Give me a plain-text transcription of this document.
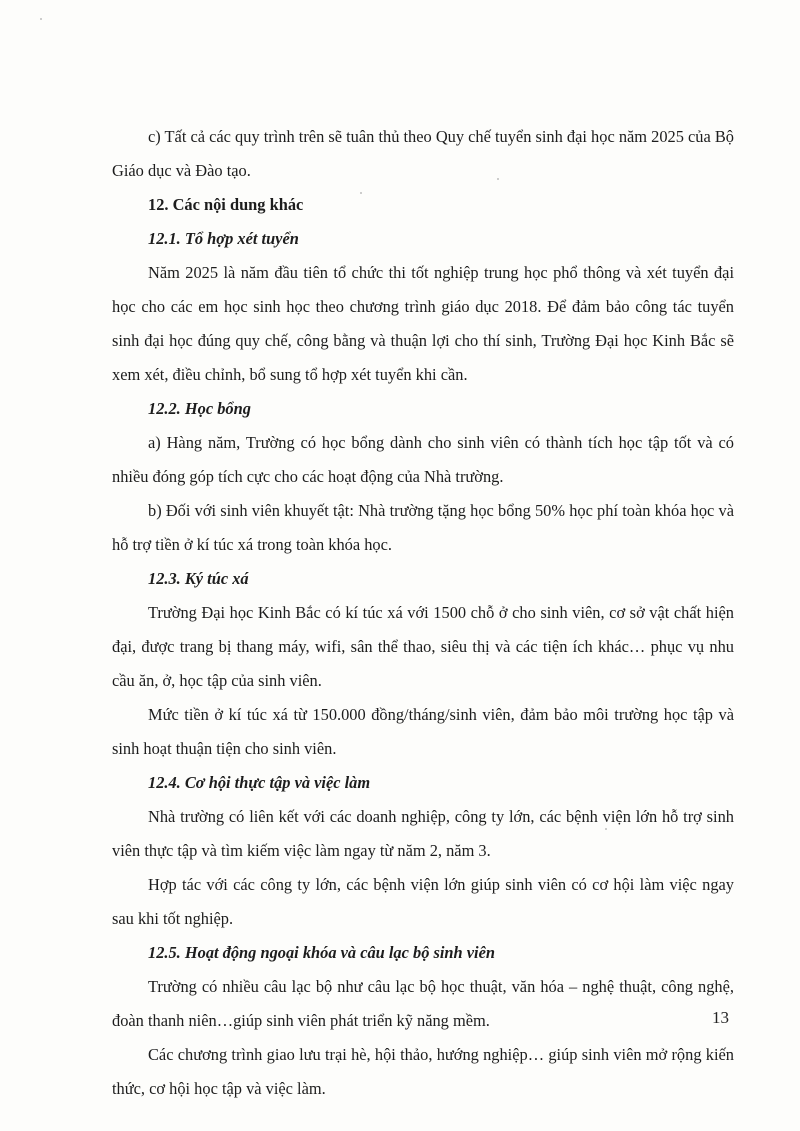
c) Tất cả các quy trình trên sẽ tuân thủ theo Quy chế tuyển sinh đại học năm 2025 của Bộ Giáo dục và Đào tạo.

12. Các nội dung khác

12.1. Tổ hợp xét tuyển

Năm 2025 là năm đầu tiên tổ chức thi tốt nghiệp trung học phổ thông và xét tuyển đại học cho các em học sinh học theo chương trình giáo dục 2018. Để đảm bảo công tác tuyển sinh đại học đúng quy chế, công bằng và thuận lợi cho thí sinh, Trường Đại học Kinh Bắc sẽ xem xét, điều chỉnh, bổ sung tổ hợp xét tuyển khi cần.

12.2. Học bổng

a) Hàng năm, Trường có học bổng dành cho sinh viên có thành tích học tập tốt và có nhiều đóng góp tích cực cho các hoạt động của Nhà trường.

b) Đối với sinh viên khuyết tật: Nhà trường tặng học bổng 50% học phí toàn khóa học và hỗ trợ tiền ở kí túc xá trong toàn khóa học.

12.3. Ký túc xá

Trường Đại học Kinh Bắc có kí túc xá với 1500 chỗ ở cho sinh viên, cơ sở vật chất hiện đại, được trang bị thang máy, wifi, sân thể thao, siêu thị và các tiện ích khác… phục vụ nhu cầu ăn, ở, học tập của sinh viên.

Mức tiền ở kí túc xá từ 150.000 đồng/tháng/sinh viên, đảm bảo môi trường học tập và sinh hoạt thuận tiện cho sinh viên.

12.4. Cơ hội thực tập và việc làm

Nhà trường có liên kết với các doanh nghiệp, công ty lớn, các bệnh viện lớn hỗ trợ sinh viên thực tập và tìm kiếm việc làm ngay từ năm 2, năm 3.

Hợp tác với các công ty lớn, các bệnh viện lớn giúp sinh viên có cơ hội làm việc ngay sau khi tốt nghiệp.

12.5. Hoạt động ngoại khóa và câu lạc bộ sinh viên

Trường có nhiều câu lạc bộ như câu lạc bộ học thuật, văn hóa – nghệ thuật, công nghệ, đoàn thanh niên…giúp sinh viên phát triển kỹ năng mềm.

Các chương trình giao lưu trại hè, hội thảo, hướng nghiệp… giúp sinh viên mở rộng kiến thức, cơ hội học tập và việc làm.

13
